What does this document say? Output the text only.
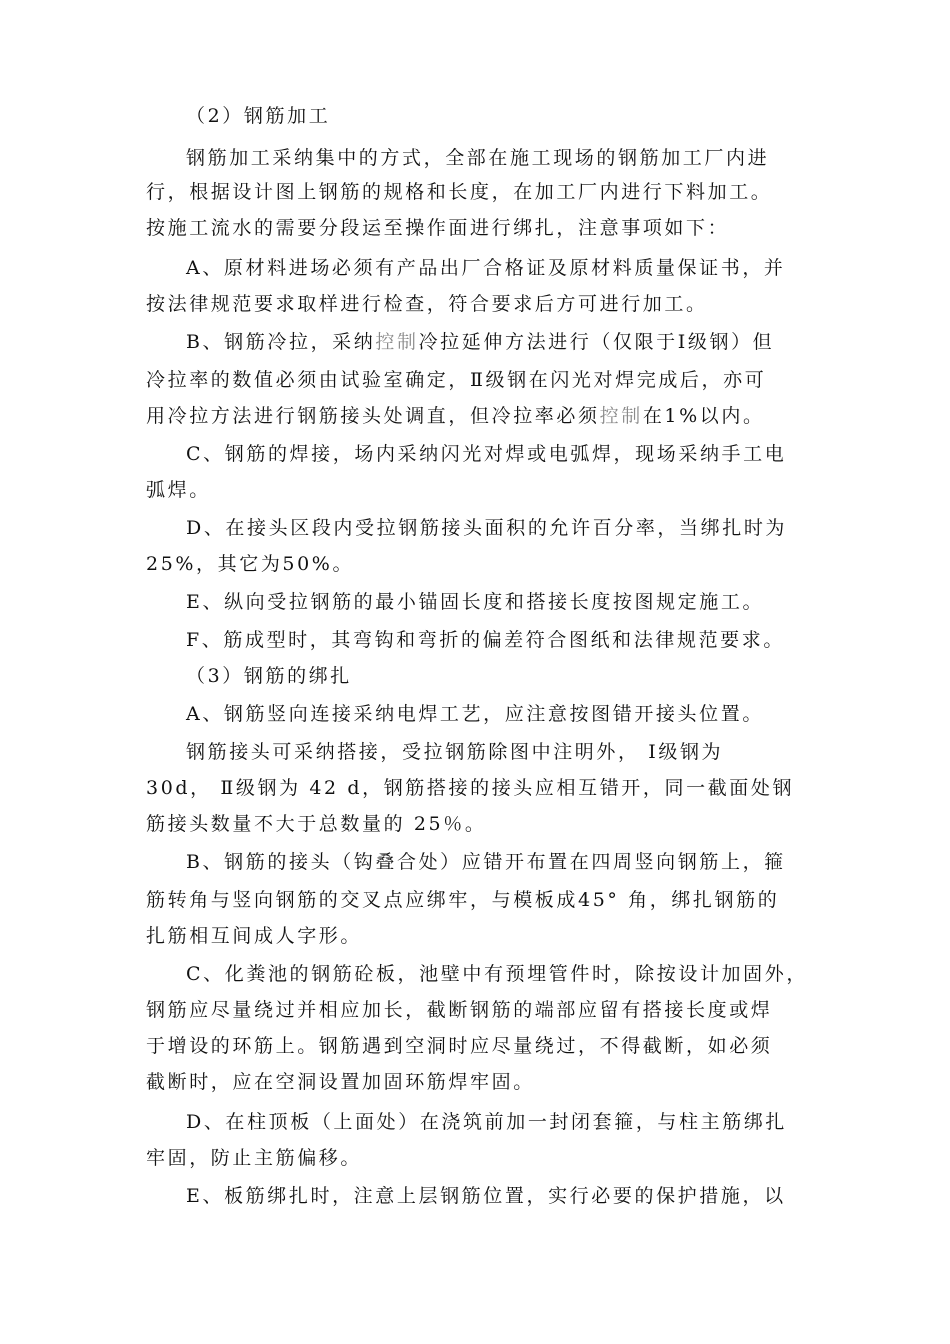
（2）钢筋加工
钢筋加工采纳集中的方式，全部在施工现场的钢筋加工厂内进
行，根据设计图上钢筋的规格和长度，在加工厂内进行下料加工。
按施工流水的需要分段运至操作面进行绑扎，注意事项如下：
A、原材料进场必须有产品出厂合格证及原材料质量保证书，并
按法律规范要求取样进行检查，符合要求后方可进行加工。
B、钢筋冷拉，采纳控制冷拉延伸方法进行（仅限于Ⅰ级钢）但
冷拉率的数值必须由试验室确定，Ⅱ级钢在闪光对焊完成后，亦可
用冷拉方法进行钢筋接头处调直，但冷拉率必须控制在1%以内。
C、钢筋的焊接，场内采纳闪光对焊或电弧焊，现场采纳手工电
弧焊。
D、在接头区段内受拉钢筋接头面积的允许百分率，当绑扎时为
25%，其它为50%。
E、纵向受拉钢筋的最小锚固长度和搭接长度按图规定施工。
F、筋成型时，其弯钩和弯折的偏差符合图纸和法律规范要求。
（3）钢筋的绑扎
A、钢筋竖向连接采纳电焊工艺，应注意按图错开接头位置。
钢筋接头可采纳搭接，受拉钢筋除图中注明外， Ⅰ级钢为
30d， Ⅱ级钢为 42 d，钢筋搭接的接头应相互错开，同一截面处钢
筋接头数量不大于总数量的 25％。
B、钢筋的接头（钩叠合处）应错开布置在四周竖向钢筋上，箍
筋转角与竖向钢筋的交叉点应绑牢，与模板成45° 角，绑扎钢筋的
扎筋相互间成人字形。
C、化粪池的钢筋砼板，池壁中有预埋管件时，除按设计加固外，
钢筋应尽量绕过并相应加长，截断钢筋的端部应留有搭接长度或焊
于增设的环筋上。钢筋遇到空洞时应尽量绕过，不得截断，如必须
截断时，应在空洞设置加固环筋焊牢固。
D、在柱顶板（上面处）在浇筑前加一封闭套箍，与柱主筋绑扎
牢固，防止主筋偏移。
E、板筋绑扎时，注意上层钢筋位置，实行必要的保护措施，以
